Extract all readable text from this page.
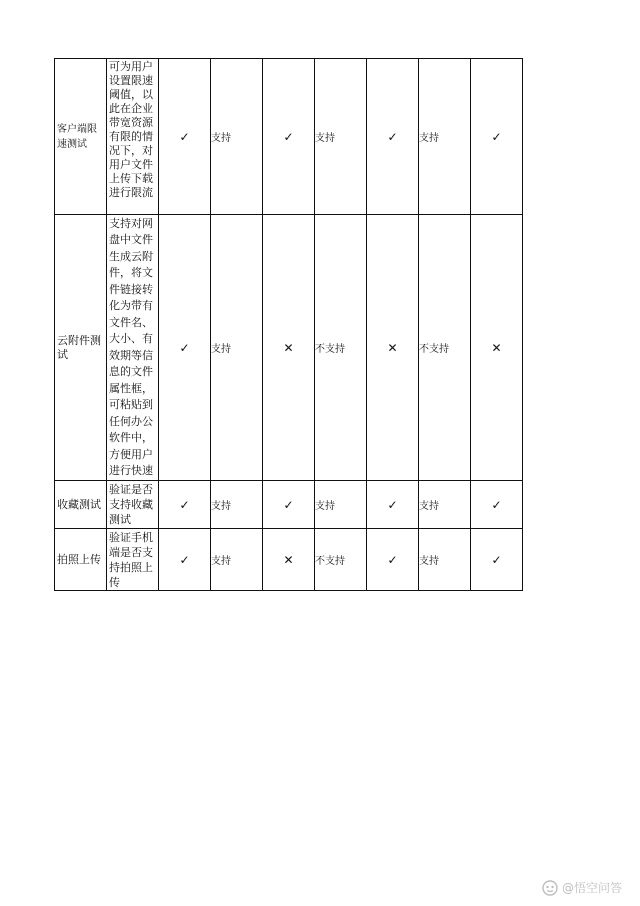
客户端限速测试	可为用户设置限速阈值，以此在企业带宽资源有限的情况下，对用户文件上传下载进行限流	✓	支持	✓	支持	✓	支持	✓

云附件测试	支持对网盘中文件生成云附件，将文件链接转化为带有文件名、大小、有效期等信息的文件属性框，可粘贴到任何办公软件中，方便用户进行快速	✓	支持	✕	不支持	✕	不支持	✕

收藏测试	验证是否支持收藏测试	✓	支持	✓	支持	✓	支持	✓

拍照上传	验证手机端是否支持拍照上传	✓	支持	✕	不支持	✓	支持	✓
@悟空问答
